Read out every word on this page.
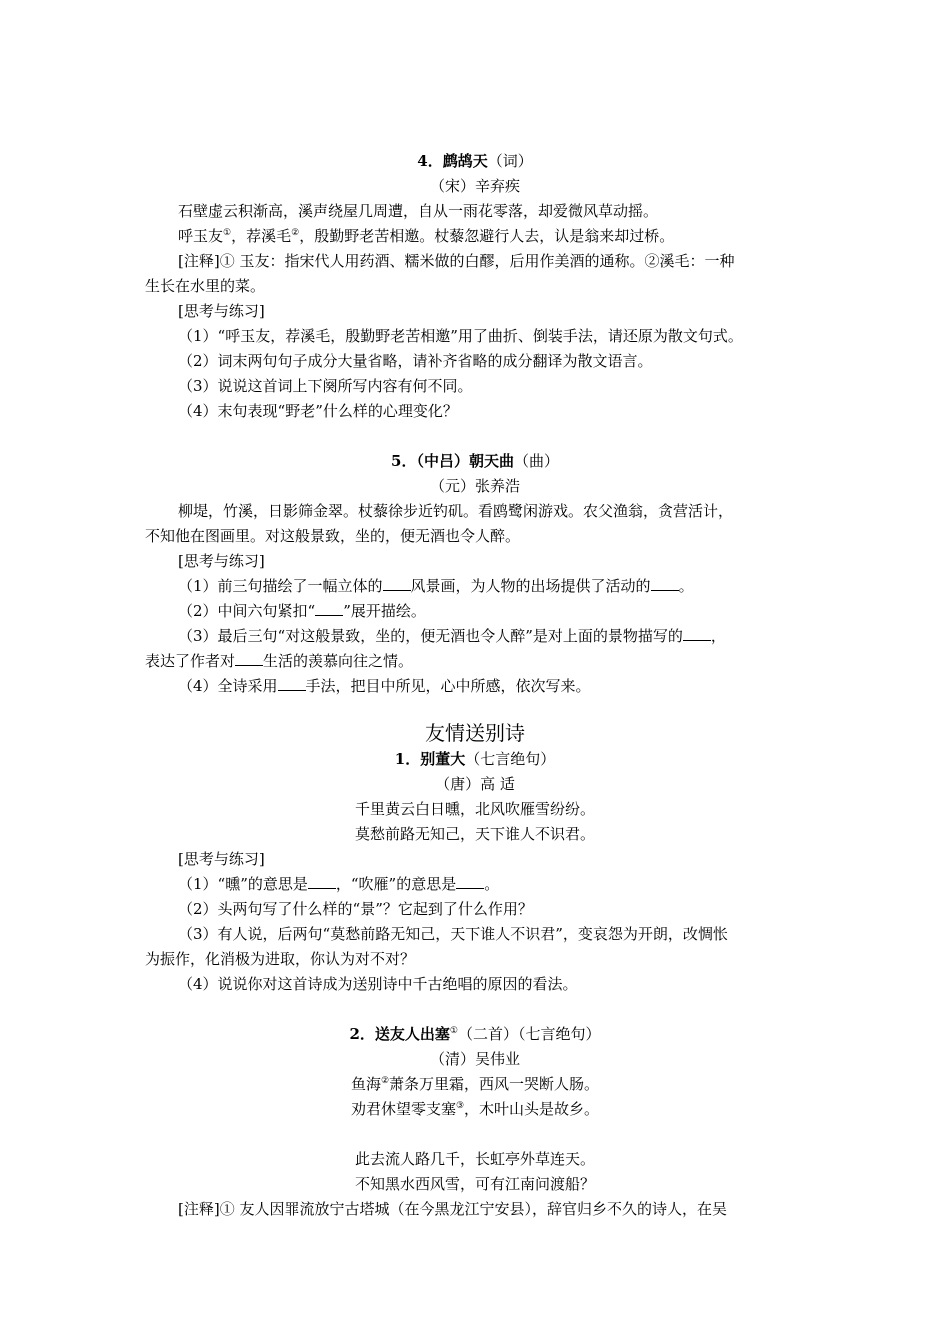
4．鹧鸪天（词）
（宋）辛弃疾
石壁虚云积渐高，溪声绕屋几周遭，自从一雨花零落，却爱微风草动摇。
呼玉友①，荐溪毛②，殷勤野老苦相邀。杖藜忽避行人去，认是翁来却过桥。
[注释]① 玉友：指宋代人用药酒、糯米做的白醪，后用作美酒的通称。②溪毛：一种
生长在水里的菜。
[思考与练习]
（1）“呼玉友，荐溪毛，殷勤野老苦相邀”用了曲折、倒装手法，请还原为散文句式。
（2）词末两句句子成分大量省略，请补齐省略的成分翻译为散文语言。
（3）说说这首词上下阕所写内容有何不同。
（4）末句表现“野老”什么样的心理变化？
5．（中吕）朝天曲（曲）
（元）张养浩
柳堤，竹溪，日影筛金翠。杖藜徐步近钓矶。看鸥鹭闲游戏。农父渔翁，贪营活计，
不知他在图画里。对这般景致，坐的，便无酒也令人醉。
[思考与练习]
（1）前三句描绘了一幅立体的 风景画，为人物的出场提供了活动的 。
（2）中间六句紧扣“ ”展开描绘。
（3）最后三句“对这般景致，坐的，便无酒也令人醉”是对上面的景物描写的 ，
表达了作者对 生活的羡慕向往之情。
（4）全诗采用 手法，把目中所见，心中所感，依次写来。
友情送别诗
1．别董大（七言绝句）
（唐）高 适
千里黄云白日曛，北风吹雁雪纷纷。
莫愁前路无知己，天下谁人不识君。
[思考与练习]
（1）“曛”的意思是 ，“吹雁”的意思是 。
（2）头两句写了什么样的“景”？它起到了什么作用？
（3）有人说，后两句“莫愁前路无知己，天下谁人不识君”，变哀怨为开朗，改惆怅
为振作，化消极为进取，你认为对不对？
（4）说说你对这首诗成为送别诗中千古绝唱的原因的看法。
2．送友人出塞①（二首）（七言绝句）
（清）吴伟业
鱼海②萧条万里霜，西风一哭断人肠。
劝君休望零支塞③，木叶山头是故乡。
此去流人路几千，长虹亭外草连天。
不知黑水西风雪，可有江南问渡船？
[注释]① 友人因罪流放宁古塔城（在今黑龙江宁安县），辞官归乡不久的诗人，在吴
